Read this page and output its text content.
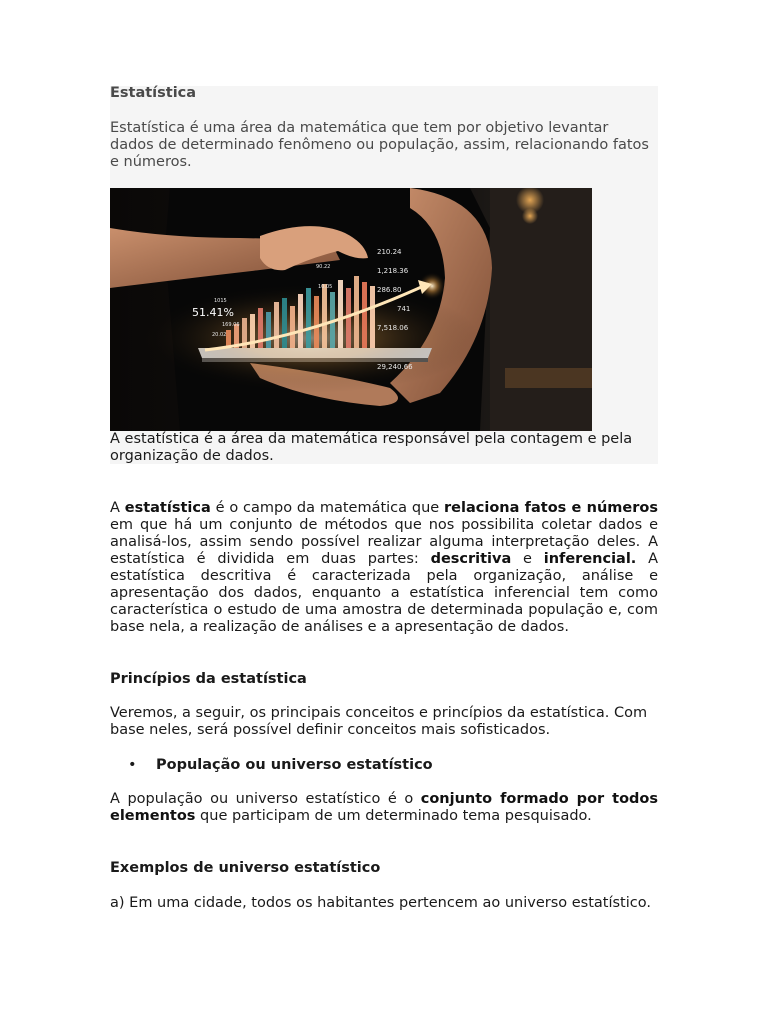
Estatística

Estatística é uma área da matemática que tem por objetivo levantar dados de determinado fenômeno ou população, assim, relacionando fatos e números.

51.41%
210.24
1,218.36
286.80
741
7,518.06
29,240.66
90.22
10.05
1015
169.06
20.02

A estatística é a área da matemática responsável pela contagem e pela organização de dados.

A estatística é o campo da matemática que relaciona fatos e números em que há um conjunto de métodos que nos possibilita coletar dados e analisá-los, assim sendo possível realizar alguma interpretação deles. A estatística é dividida em duas partes: descritiva e inferencial. A estatística descritiva é caracterizada pela organização, análise e apresentação dos dados, enquanto a estatística inferencial tem como característica o estudo de uma amostra de determinada população e, com base nela, a realização de análises e a apresentação de dados.

Princípios da estatística

Veremos, a seguir, os principais conceitos e princípios da estatística. Com base neles, será possível definir conceitos mais sofisticados.

• População ou universo estatístico

A população ou universo estatístico é o conjunto formado por todos elementos que participam de um determinado tema pesquisado.

Exemplos de universo estatístico

a) Em uma cidade, todos os habitantes pertencem ao universo estatístico.
